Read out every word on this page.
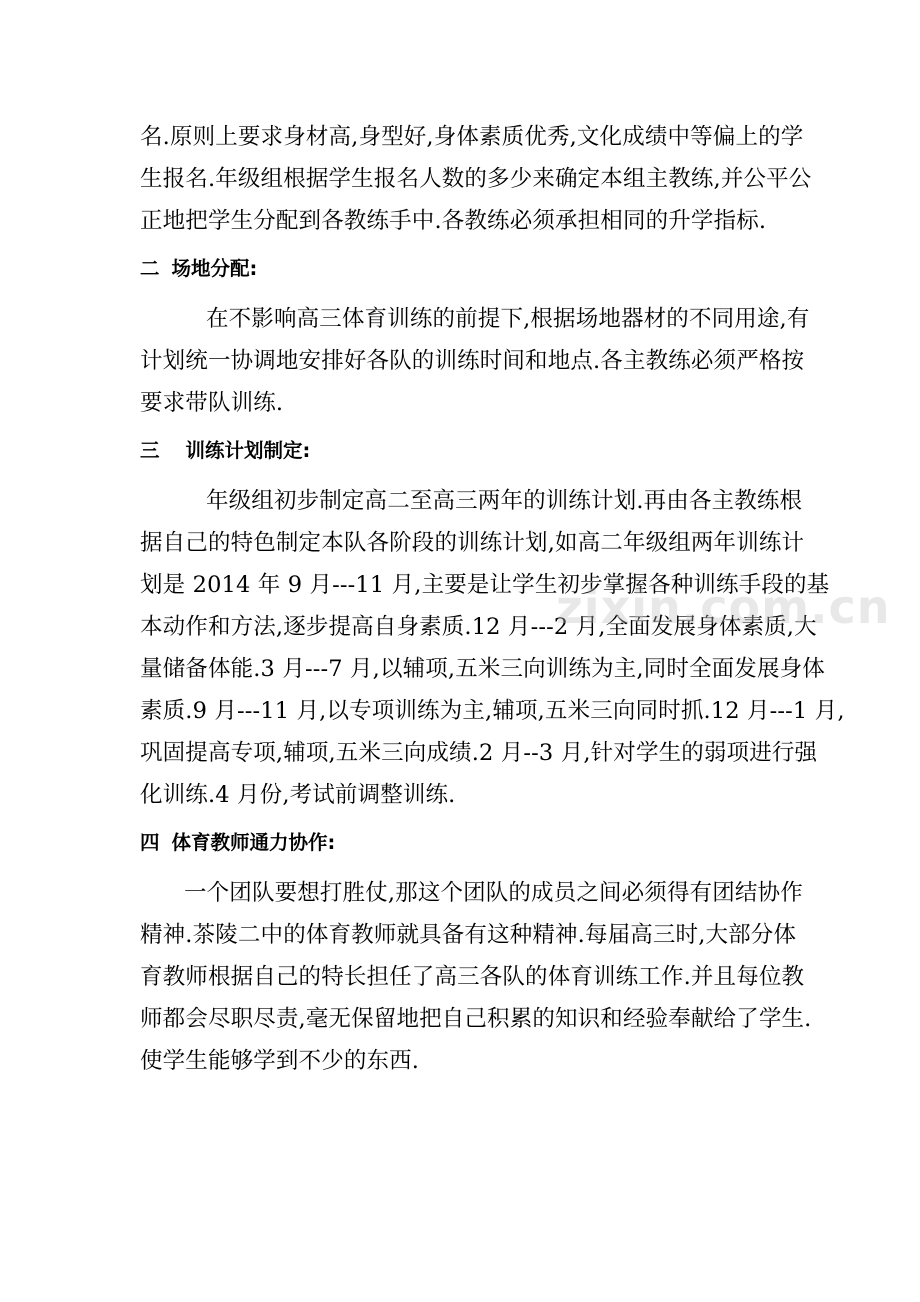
名.原则上要求身材高,身型好,身体素质优秀,文化成绩中等偏上的学
生报名.年级组根据学生报名人数的多少来确定本组主教练,并公平公
正地把学生分配到各教练手中.各教练必须承担相同的升学指标.
二 场地分配:
在不影响高三体育训练的前提下,根据场地器材的不同用途,有
计划统一协调地安排好各队的训练时间和地点.各主教练必须严格按
要求带队训练.
三 训练计划制定:
年级组初步制定高二至高三两年的训练计划.再由各主教练根
据自己的特色制定本队各阶段的训练计划,如高二年级组两年训练计
划是 2014 年 9 月---11 月,主要是让学生初步掌握各种训练手段的基
本动作和方法,逐步提高自身素质.12 月---2 月,全面发展身体素质,大
量储备体能.3 月---7 月,以辅项,五米三向训练为主,同时全面发展身体
素质.9 月---11 月,以专项训练为主,辅项,五米三向同时抓.12 月---1 月,
巩固提高专项,辅项,五米三向成绩.2 月--3 月,针对学生的弱项进行强
化训练.4 月份,考试前调整训练.
四 体育教师通力协作:
一个团队要想打胜仗,那这个团队的成员之间必须得有团结协作
精神.茶陵二中的体育教师就具备有这种精神.每届高三时,大部分体
育教师根据自己的特长担任了高三各队的体育训练工作.并且每位教
师都会尽职尽责,毫无保留地把自己积累的知识和经验奉献给了学生.
使学生能够学到不少的东西.
zixin.com.cn
